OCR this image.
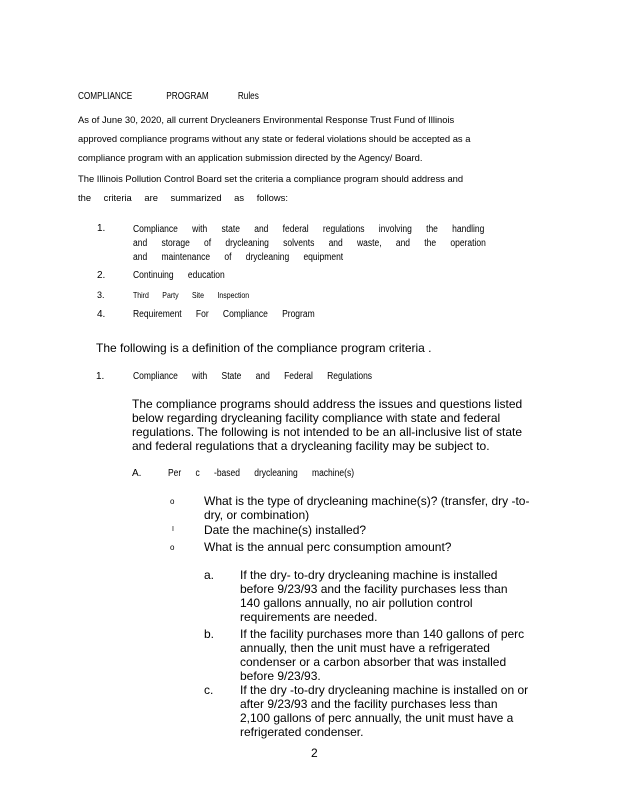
COMPLIANCE	PROGRAM	Rules
As of June 30, 2020, all current Drycleaners Environmental Response Trust Fund of Illinois
approved compliance programs without any state or federal violations should be accepted as a
compliance program with an application submission directed by the Agency/ Board.
The Illinois Pollution Control Board set the criteria a compliance program should address and
the criteria are summarized as follows:
1.	Compliance with state and federal regulations involving the handling
and storage of drycleaning solvents and waste, and the operation
and maintenance of drycleaning equipment
2.	Continuing education
3.	Third Party Site Inspection
4.	Requirement For Compliance Program
The following is a definition of the compliance program criteria .
1.	Compliance with State and Federal Regulations
The compliance programs should address the issues and questions listed
below regarding drycleaning facility compliance with state and federal
regulations. The following is not intended to be an all-inclusive list of state
and federal regulations that a drycleaning facility may be subject to.
A.	Per c -based drycleaning machine(s)
o What is the type of drycleaning machine(s)? (transfer, dry -to-
dry, or combination)
I	Date the machine(s) installed?
o What is the annual perc consumption amount?
a. If the dry- to-dry drycleaning machine is installed
before 9/23/93 and the facility purchases less than
140 gallons annually, no air pollution control
requirements are needed.
b. If the facility purchases more than 140 gallons of perc
annually, then the unit must have a refrigerated
condenser or a carbon absorber that was installed
before 9/23/93.
c. If the dry -to-dry drycleaning machine is installed on or
after 9/23/93 and the facility purchases less than
2,100 gallons of perc annually, the unit must have a
refrigerated condenser.
2
